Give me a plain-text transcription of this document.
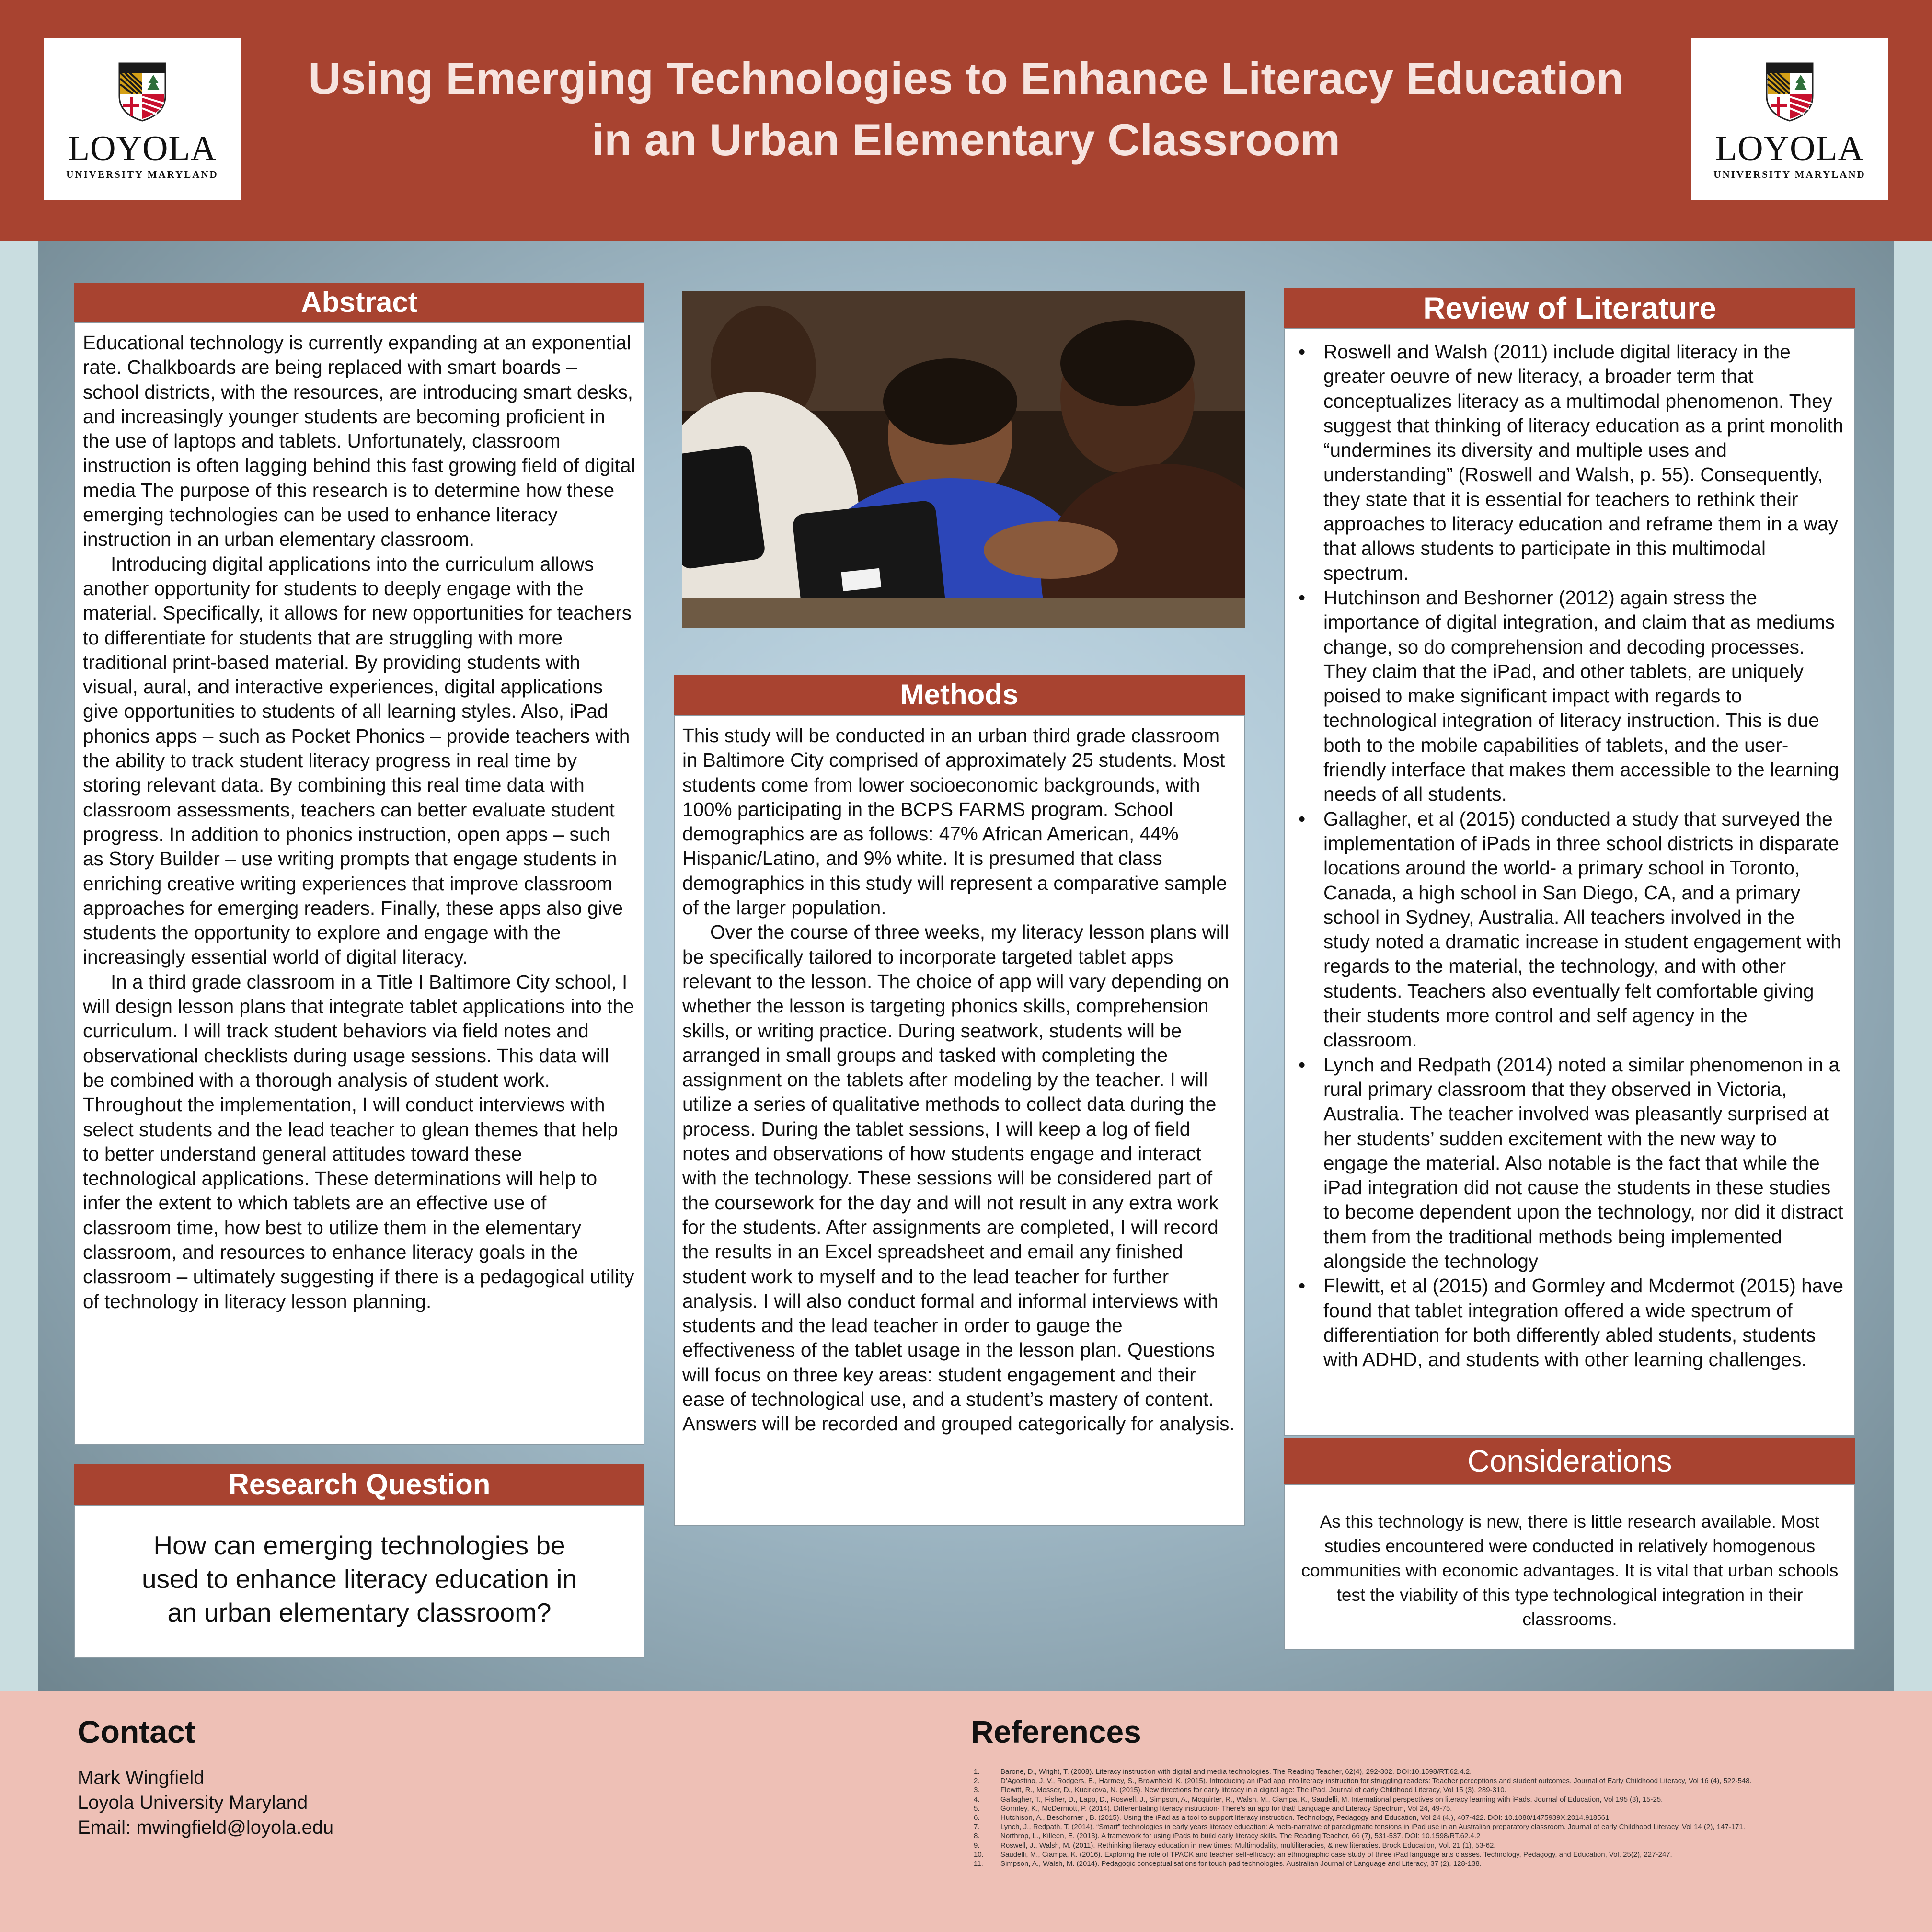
LOYOLA
UNIVERSITY MARYLAND
Using Emerging Technologies to Enhance Literacy Education
in an Urban Elementary Classroom	LOYOLA
UNIVERSITY MARYLAND
Abstract

Educational technology is currently expanding at an exponential rate. Chalkboards are being replaced with smart boards – school districts, with the resources, are introducing smart desks, and increasingly younger students are becoming proficient in the use of laptops and tablets. Unfortunately, classroom instruction is often lagging behind this fast growing field of digital media The purpose of this research is to determine how these emerging technologies can be used to enhance literacy instruction in an urban elementary classroom.

Introducing digital applications into the curriculum allows another opportunity for students to deeply engage with the material. Specifically, it allows for new opportunities for teachers to differentiate for students that are struggling with more traditional print-based material. By providing students with visual, aural, and interactive experiences, digital applications give opportunities to students of all learning styles. Also, iPad phonics apps – such as Pocket Phonics – provide teachers with the ability to track student literacy progress in real time by storing relevant data. By combining this real time data with classroom assessments, teachers can better evaluate student progress. In addition to phonics instruction, open apps – such as Story Builder – use writing prompts that engage students in enriching creative writing experiences that improve classroom approaches for emerging readers. Finally, these apps also give students the opportunity to explore and engage with the increasingly essential world of digital literacy.

In a third grade classroom in a Title I Baltimore City school, I will design lesson plans that integrate tablet applications into the curriculum. I will track student behaviors via field notes and observational checklists during usage sessions. This data will be combined with a thorough analysis of student work. Throughout the implementation, I will conduct interviews with select students and the lead teacher to glean themes that help to better understand general attitudes toward these technological applications. These determinations will help to infer the extent to which tablets are an effective use of classroom time, how best to utilize them in the elementary classroom, and resources to enhance literacy goals in the classroom – ultimately suggesting if there is a pedagogical utility of technology in literacy lesson planning.

Research Question
How can emerging technologies be used to enhance literacy education in an urban elementary classroom?
Methods

This study will be conducted in an urban third grade classroom in Baltimore City comprised of approximately 25 students. Most students come from lower socioeconomic backgrounds, with 100% participating in the BCPS FARMS program. School demographics are as follows: 47% African American, 44% Hispanic/Latino, and 9% white. It is presumed that class demographics in this study will represent a comparative sample of the larger population.

Over the course of three weeks, my literacy lesson plans will be specifically tailored to incorporate targeted tablet apps relevant to the lesson. The choice of app will vary depending on whether the lesson is targeting phonics skills, comprehension skills, or writing practice. During seatwork, students will be arranged in small groups and tasked with completing the assignment on the tablets after modeling by the teacher. I will utilize a series of qualitative methods to collect data during the process. During the tablet sessions, I will keep a log of field notes and observations of how students engage and interact with the technology. These sessions will be considered part of the coursework for the day and will not result in any extra work for the students. After assignments are completed, I will record the results in an Excel spreadsheet and email any finished student work to myself and to the lead teacher for further analysis. I will also conduct formal and informal interviews with students and the lead teacher in order to gauge the effectiveness of the tablet usage in the lesson plan. Questions will focus on three key areas: student engagement and their ease of technological use, and a student’s mastery of content. Answers will be recorded and grouped categorically for analysis.

Review of Literature
• Roswell and Walsh (2011) include digital literacy in the greater oeuvre of new literacy, a broader term that conceptualizes literacy as a multimodal phenomenon. They suggest that thinking of literacy education as a print monolith “undermines its diversity and multiple uses and understanding” (Roswell and Walsh, p. 55). Consequently, they state that it is essential for teachers to rethink their approaches to literacy education and reframe them in a way that allows students to participate in this multimodal spectrum.
• Hutchinson and Beshorner (2012) again stress the importance of digital integration, and claim that as mediums change, so do comprehension and decoding processes. They claim that the iPad, and other tablets, are uniquely poised to make significant impact with regards to technological integration of literacy instruction. This is due both to the mobile capabilities of tablets, and the user-friendly interface that makes them accessible to the learning needs of all students.
• Gallagher, et al (2015) conducted a study that surveyed the implementation of iPads in three school districts in disparate locations around the world- a primary school in Toronto, Canada, a high school in San Diego, CA, and a primary school in Sydney, Australia. All teachers involved in the study noted a dramatic increase in student engagement with regards to the material, the technology, and with other students. Teachers also eventually felt comfortable giving their students more control and self agency in the classroom.
• Lynch and Redpath (2014) noted a similar phenomenon in a rural primary classroom that they observed in Victoria, Australia. The teacher involved was pleasantly surprised at her students’ sudden excitement with the new way to engage the material. Also notable is the fact that while the iPad integration did not cause the students in these studies to become dependent upon the technology, nor did it distract them from the traditional methods being implemented alongside the technology
• Flewitt, et al (2015) and Gormley and Mcdermot (2015) have found that tablet integration offered a wide spectrum of differentiation for both differently abled students, students with ADHD, and students with other learning challenges.
Considerations
As this technology is new, there is little research available. Most studies encountered were conducted in relatively homogenous communities with economic advantages. It is vital that urban schools test the viability of this type technological integration in their classrooms.
Contact
Mark Wingfield
Loyola University Maryland
Email: mwingfield@loyola.edu
References
1.	Barone, D., Wright, T. (2008). Literacy instruction with digital and media technologies. The Reading Teacher, 62(4), 292-302. DOI:10.1598/RT.62.4.2.
2.	D’Agostino, J. V., Rodgers, E., Harmey, S., Brownfield, K. (2015). Introducing an iPad app into literacy instruction for struggling readers: Teacher perceptions and student outcomes. Journal of Early Childhood Literacy, Vol 16 (4), 522-548.
3.	Flewitt, R., Messer, D., Kucirkova, N. (2015). New directions for early literacy in a digital age: The iPad. Journal of early Childhood Literacy, Vol 15 (3), 289-310.
4.	Gallagher, T., Fisher, D., Lapp, D., Roswell, J., Simpson, A., Mcquirter, R., Walsh, M., Ciampa, K., Saudelli, M. International perspectives on literacy learning with iPads. Journal of Education, Vol 195 (3), 15-25.
5.	Gormley, K., McDermott, P. (2014). Differentiating literacy instruction- There’s an app for that! Language and Literacy Spectrum, Vol 24, 49-75.
6.	Hutchison, A., Beschorner , B. (2015). Using the iPad as a tool to support literacy instruction. Technology, Pedagogy and Education, Vol 24 (4.), 407-422. DOI: 10.1080/1475939X.2014.918561
7.	Lynch, J., Redpath, T. (2014). “Smart” technologies in early years literacy education: A meta-narrative of paradigmatic tensions in iPad use in an Australian preparatory classroom. Journal of early Childhood Literacy, Vol 14 (2), 147-171.
8.	Northrop, L., Killeen, E. (2013). A framework for using iPads to build early literacy skills. The Reading Teacher, 66 (7), 531-537. DOI: 10.1598/RT.62.4.2
9.	Roswell, J., Walsh, M. (2011). Rethinking literacy education in new times: Multimodality, multiliteracies, & new literacies. Brock Education, Vol. 21 (1), 53-62.
10.	Saudelli, M., Ciampa, K. (2016). Exploring the role of TPACK and teacher self-efficacy: an ethnographic case study of three iPad language arts classes. Technology, Pedagogy, and Education, Vol. 25(2), 227-247.
11.	Simpson, A., Walsh, M. (2014). Pedagogic conceptualisations for touch pad technologies. Australian Journal of Language and Literacy, 37 (2), 128-138.
